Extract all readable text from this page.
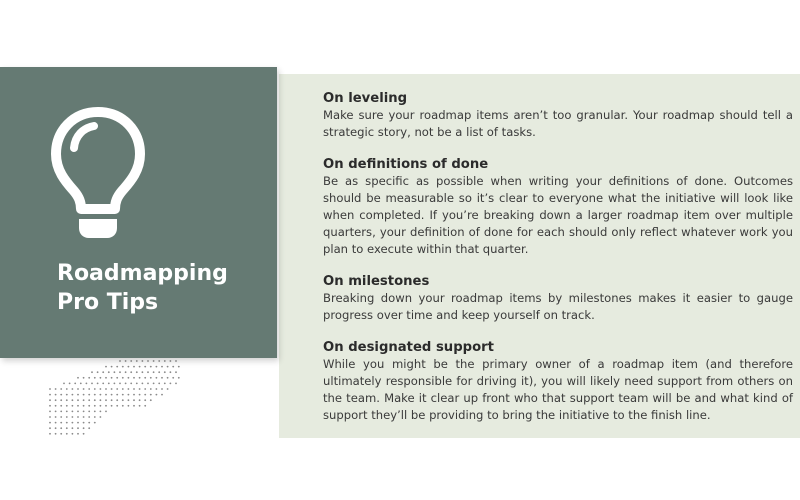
On leveling

Make sure your roadmap items aren’t too granular. Your roadmap should tell a strategic story, not be a list of tasks.

On definitions of done

Be as specific as possible when writing your definitions of done. Outcomes should be measurable so it’s clear to everyone what the initiative will look like when completed. If you’re breaking down a larger roadmap item over multiple quarters, your definition of done for each should only reflect whatever work you plan to execute within that quarter.

On milestones

Breaking down your roadmap items by milestones makes it easier to gauge progress over time and keep yourself on track.

On designated support

While you might be the primary owner of a roadmap item (and therefore ultimately responsible for driving it), you will likely need support from others on the team. Make it clear up front who that support team will be and what kind of support they’ll be providing to bring the initiative to the finish line.

Roadmapping
Pro Tips
